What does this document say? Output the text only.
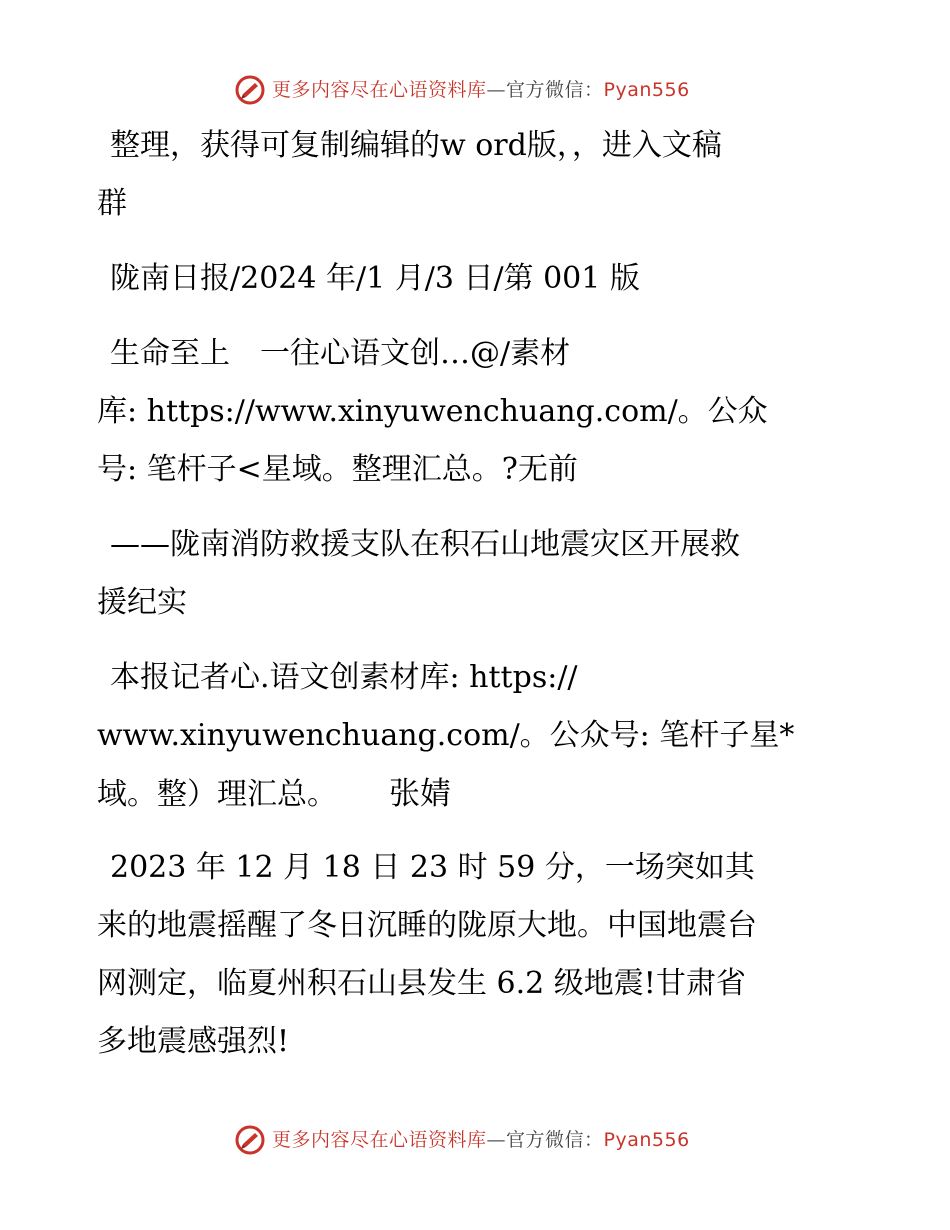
更多内容尽在心语资料库—官方微信：Pyan556
整理，获得可复制编辑的w ord版，，进入文稿
群
陇南日报/2024 年/1 月/3 日/第 001 版
生命至上　一往心语文创…@/素材
库: https://www.xinyuwenchuang.com/。公众
号: 笔杆子<星域。整理汇总。?无前
——陇南消防救援支队在积石山地震灾区开展救
援纪实
本报记者心.语文创素材库: https://
www.xinyuwenchuang.com/。公众号: 笔杆子星*
域。整）理汇总。 张婧
2023 年 12 月 18 日 23 时 59 分，一场突如其
来的地震摇醒了冬日沉睡的陇原大地。中国地震台
网测定，临夏州积石山县发生 6.2 级地震!甘肃省
多地震感强烈!
更多内容尽在心语资料库—官方微信：Pyan556
